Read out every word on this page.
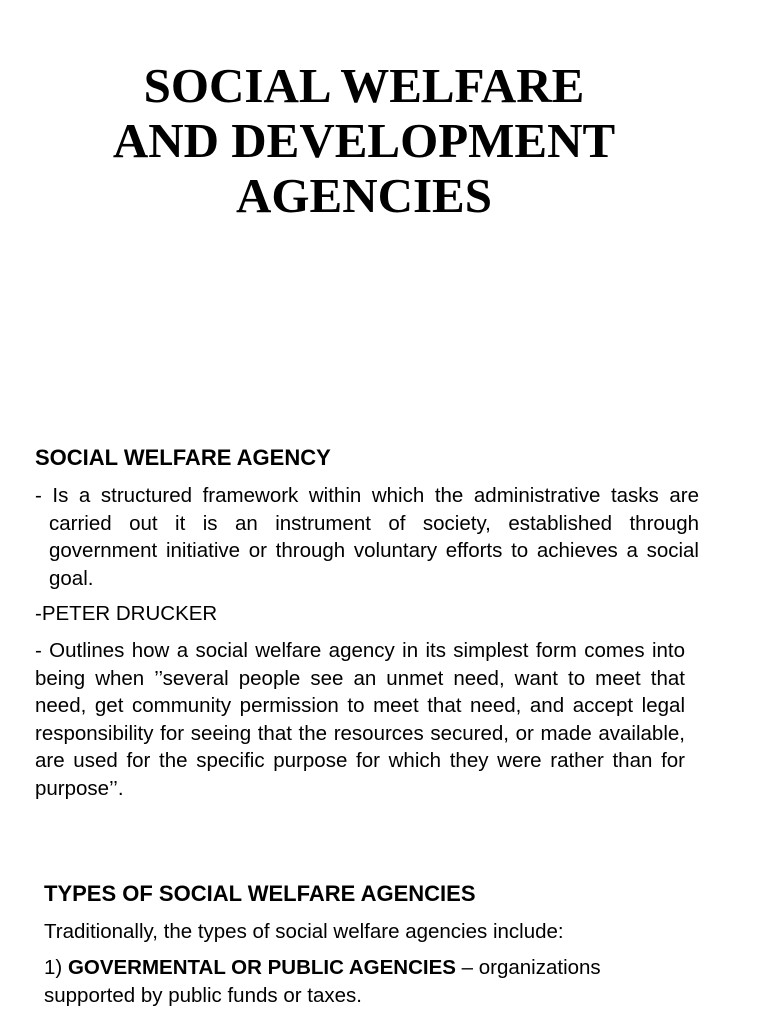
SOCIAL WELFARE
AND DEVELOPMENT
AGENCIES
SOCIAL WELFARE AGENCY
- Is a structured framework within which the administrative tasks are carried out it is an instrument of society, established through government initiative or through voluntary efforts to achieves a social goal.
-PETER DRUCKER
- Outlines how a social welfare agency in its simplest form comes into being when ’’several people see an unmet need, want to meet that need, get community permission to meet that need, and accept legal responsibility for seeing that the resources secured, or made available, are used for the specific purpose for which they were rather than for purpose’’.
TYPES OF SOCIAL WELFARE AGENCIES
Traditionally, the types of social welfare agencies include:
1) GOVERMENTAL OR PUBLIC AGENCIES – organizations supported by public funds or taxes.
